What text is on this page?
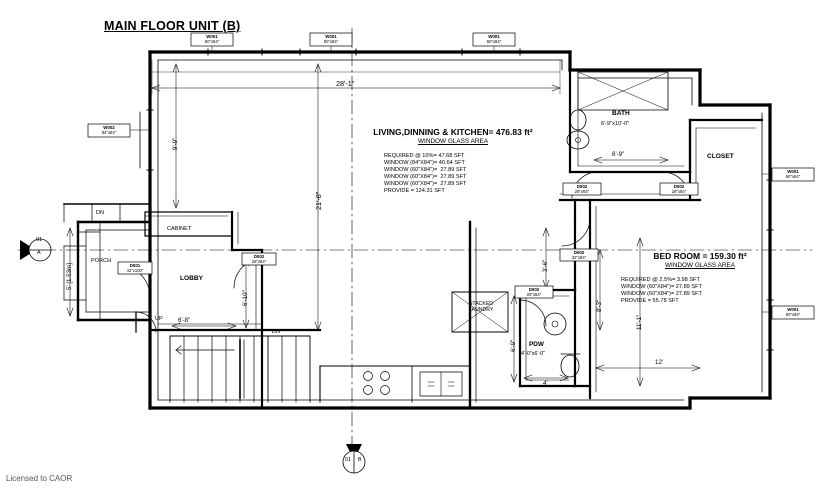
MAIN FLOOR UNIT (B)
LIVING,DINNING & KITCHEN= 476.83 ft²
WINDOW GLASS AREA
REQUIRED @ 10%= 47.68 SFT
WINDOW (84"X84")= 40.64 SFT
WINDOW (60"X84")=  27.89 SFT
WINDOW (60"X84")=  27.89 SFT
WINDOW (60"X84")=  27.89 SFT
PROVIDE = 124.31 SFT
BED ROOM = 159.30 ft²
WINDOW GLASS AREA
REQUIRED @ 2.5%= 3.98 SFT
WINDOW (60"X84")= 27.89 SFT
WINDOW (60"X84")= 27.89 SFT
PROVIDE = 55.78 SFT
BATH
6'-9"x10'-0"
CLOSET
PORCH
LOBBY
CABINET
DN
DN
UP
STACKED
LAUNDRY
PDW
4'-0"x6'-0"
28'-1"
21'-8"
9'-9"
5' [1.53m]
6'-10"
6'-8"
6'-9"
6'-9"
3'-6"
11'-1"
8'-3"
12'
4'
W001
60"x84"
W001
60"x84"
W001
60"x84"
W002
84"x84"
W001
60"x84"
W001
60"x84"
D002
28"x84"
D002
28"x84"
D002
32"x84"
D002
28"x84"
D002
28"x84"
D001
42"x100"
01
A
01 B
Licensed to CAOR
